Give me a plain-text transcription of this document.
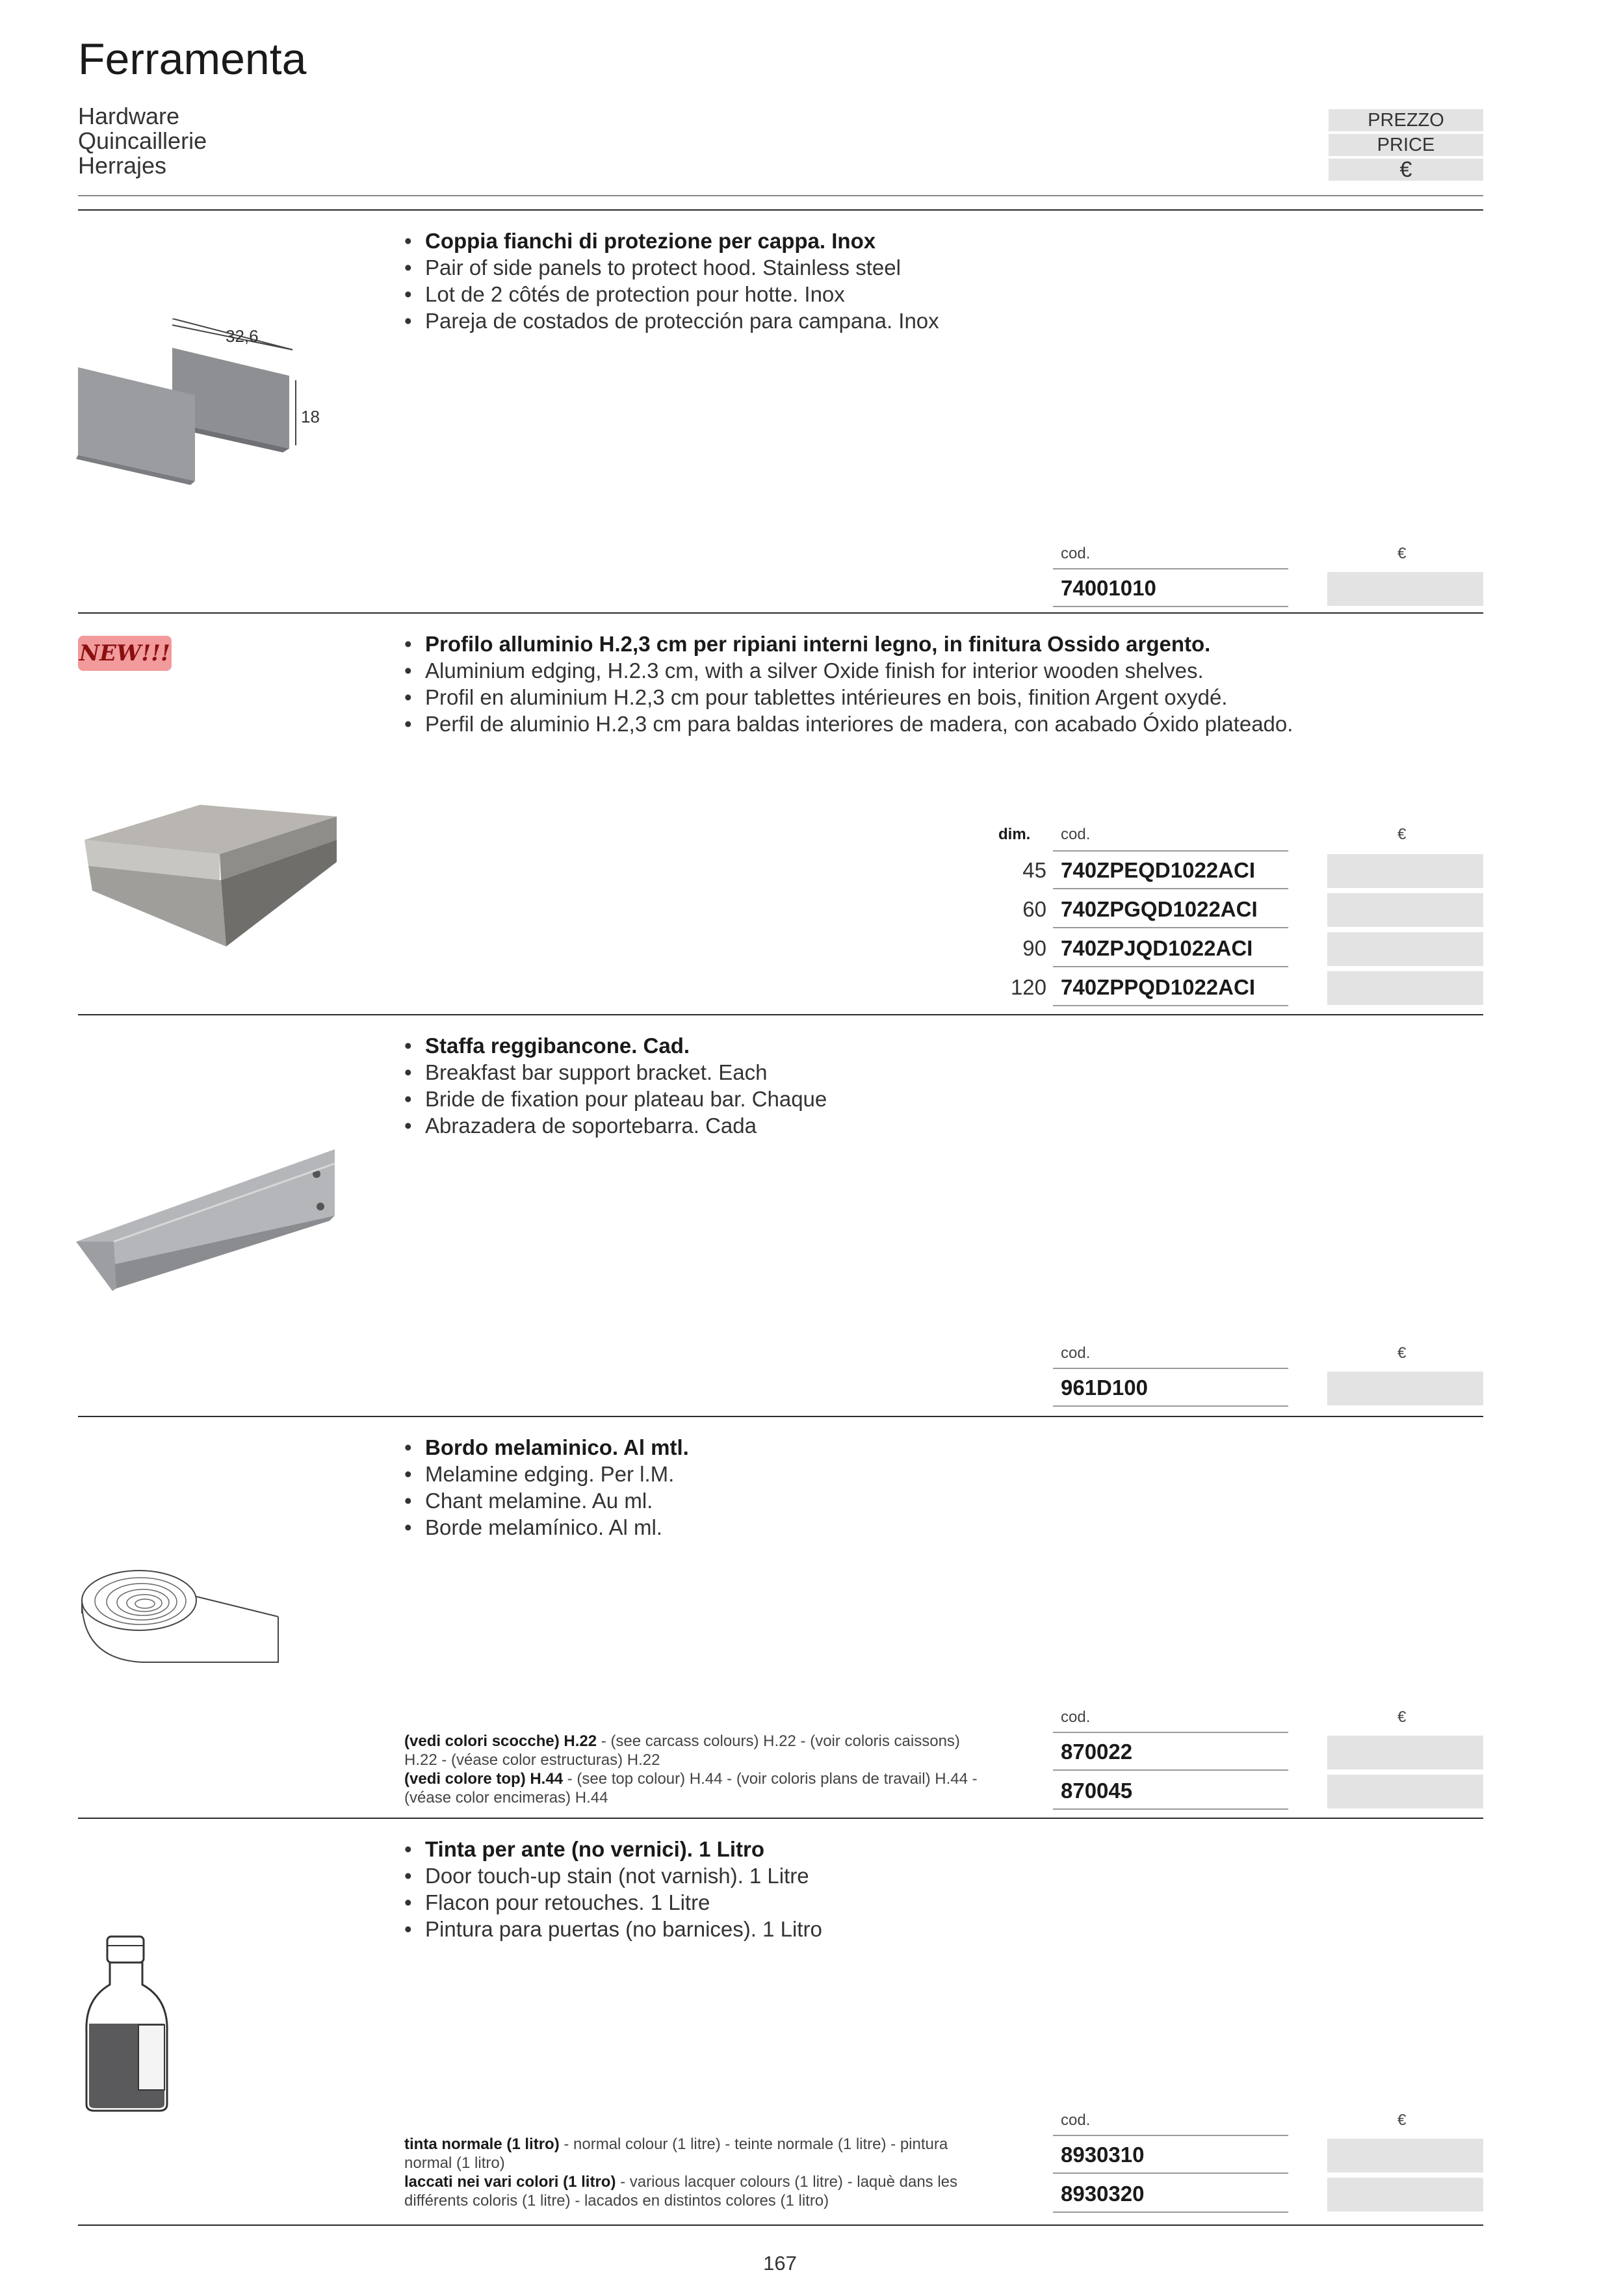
Ferramenta
Hardware
Quincaillerie
Herrajes
PREZZO
PRICE
€
• Coppia fianchi di protezione per cappa. Inox
• Pair of side panels to protect hood. Stainless steel
• Lot de 2 côtés de protection pour hotte. Inox
• Pareja de costados de protección para campana. Inox
32,6
18
cod.	€
74001010
NEW!!!	• Profilo alluminio H.2,3 cm per ripiani interni legno, in finitura Ossido argento.
• Aluminium edging, H.2.3 cm, with a silver Oxide finish for interior wooden shelves.
• Profil en aluminium H.2,3 cm pour tablettes intérieures en bois, finition Argent oxydé.
• Perfil de aluminio H.2,3 cm para baldas interiores de madera, con acabado Óxido plateado.
dim. cod.	€
45 740ZPEQD1022ACI
60 740ZPGQD1022ACI
90 740ZPJQD1022ACI
120 740ZPPQD1022ACI
• Staffa reggibancone. Cad.
• Breakfast bar support bracket. Each
• Bride de fixation pour plateau bar. Chaque
• Abrazadera de soportebarra. Cada
cod.	€
961D100
• Bordo melaminico. Al mtl.
• Melamine edging. Per l.M.
• Chant melamine. Au ml.
• Borde melamínico. Al ml.
(vedi colori scocche) H.22 - (see carcass colours) H.22 - (voir coloris caissons) H.22 - (véase color estructuras) H.22
(vedi colore top) H.44 - (see top colour) H.44 - (voir coloris plans de travail) H.44 - (véase color encimeras) H.44
cod.	€
870022
870045
• Tinta per ante (no vernici). 1 Litro
• Door touch-up stain (not varnish). 1 Litre
• Flacon pour retouches. 1 Litre
• Pintura para puertas (no barnices). 1 Litro
tinta normale (1 litro) - normal colour (1 litre) - teinte normale (1 litre) - pintura normal (1 litro)
laccati nei vari colori (1 litro) - various lacquer colours (1 litre) - laquè dans les différents coloris (1 litre) - lacados en distintos colores (1 litro)
cod.	€
8930310
8930320
167
